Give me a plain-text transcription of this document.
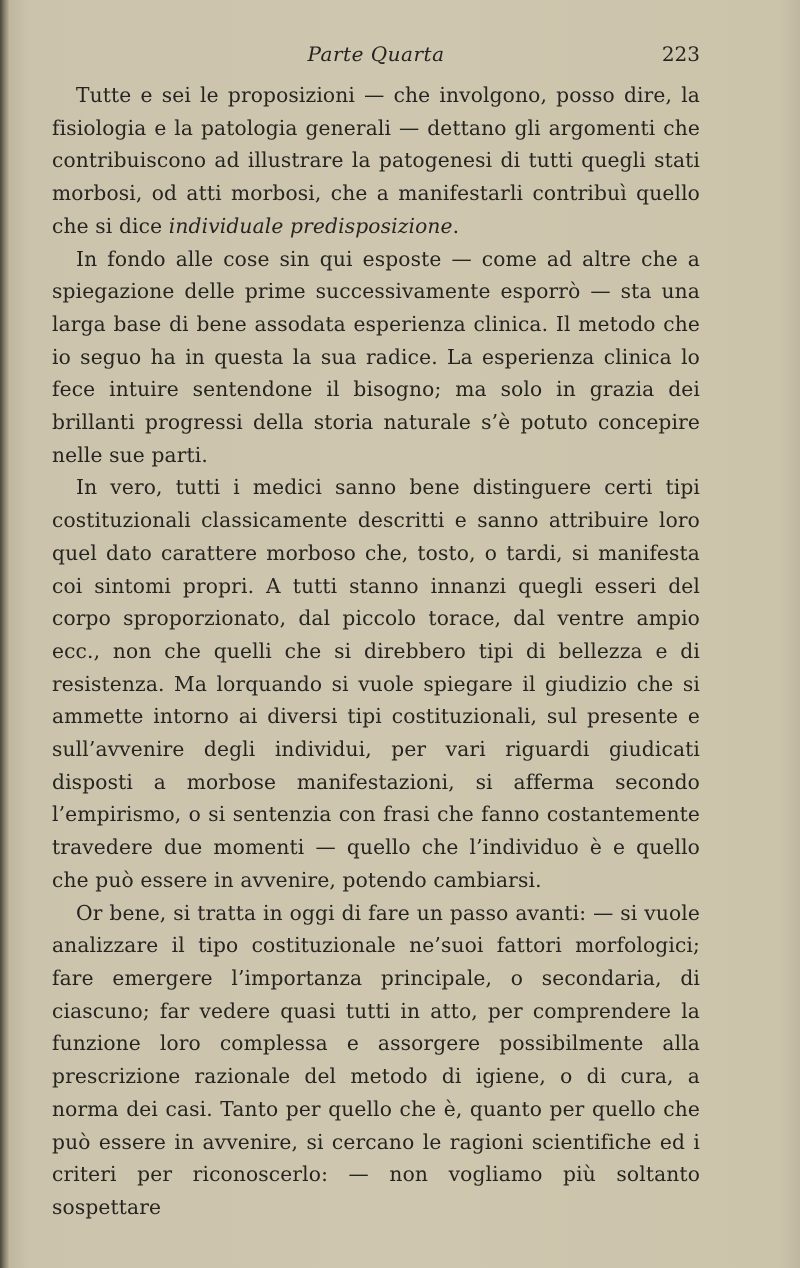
Parte Quarta	223

Tutte e sei le proposizioni — che involgono, posso dire, la fisiologia e la patologia generali — dettano gli argomenti che contribuiscono ad illustrare la patogenesi di tutti quegli stati morbosi, od atti morbosi, che a manifestarli contribuì quello che si dice individuale predisposizione.

In fondo alle cose sin qui esposte — come ad altre che a spiegazione delle prime successivamente esporrò — sta una larga base di bene assodata esperienza clinica. Il metodo che io seguo ha in questa la sua radice. La esperienza clinica lo fece intuire sentendone il bisogno; ma solo in grazia dei brillanti progressi della storia naturale s’è potuto concepire nelle sue parti.

In vero, tutti i medici sanno bene distinguere certi tipi costituzionali classicamente descritti e sanno attribuire loro quel dato carattere morboso che, tosto, o tardi, si manifesta coi sintomi propri. A tutti stanno innanzi quegli esseri del corpo sproporzionato, dal piccolo torace, dal ventre ampio ecc., non che quelli che si direbbero tipi di bellezza e di resistenza. Ma lorquando si vuole spiegare il giudizio che si ammette intorno ai diversi tipi costituzionali, sul presente e sull’avvenire degli individui, per vari riguardi giudicati disposti a morbose manifestazioni, si afferma secondo l’empirismo, o si sentenzia con frasi che fanno costantemente travedere due momenti — quello che l’individuo è e quello che può essere in avvenire, potendo cambiarsi.

Or bene, si tratta in oggi di fare un passo avanti: — si vuole analizzare il tipo costituzionale ne’suoi fattori morfologici; fare emergere l’importanza principale, o secondaria, di ciascuno; far vedere quasi tutti in atto, per comprendere la funzione loro complessa e assorgere possibilmente alla prescrizione razionale del metodo di igiene, o di cura, a norma dei casi. Tanto per quello che è, quanto per quello che può essere in avvenire, si cercano le ragioni scientifiche ed i criteri per riconoscerlo: — non vogliamo più soltanto sospettare
